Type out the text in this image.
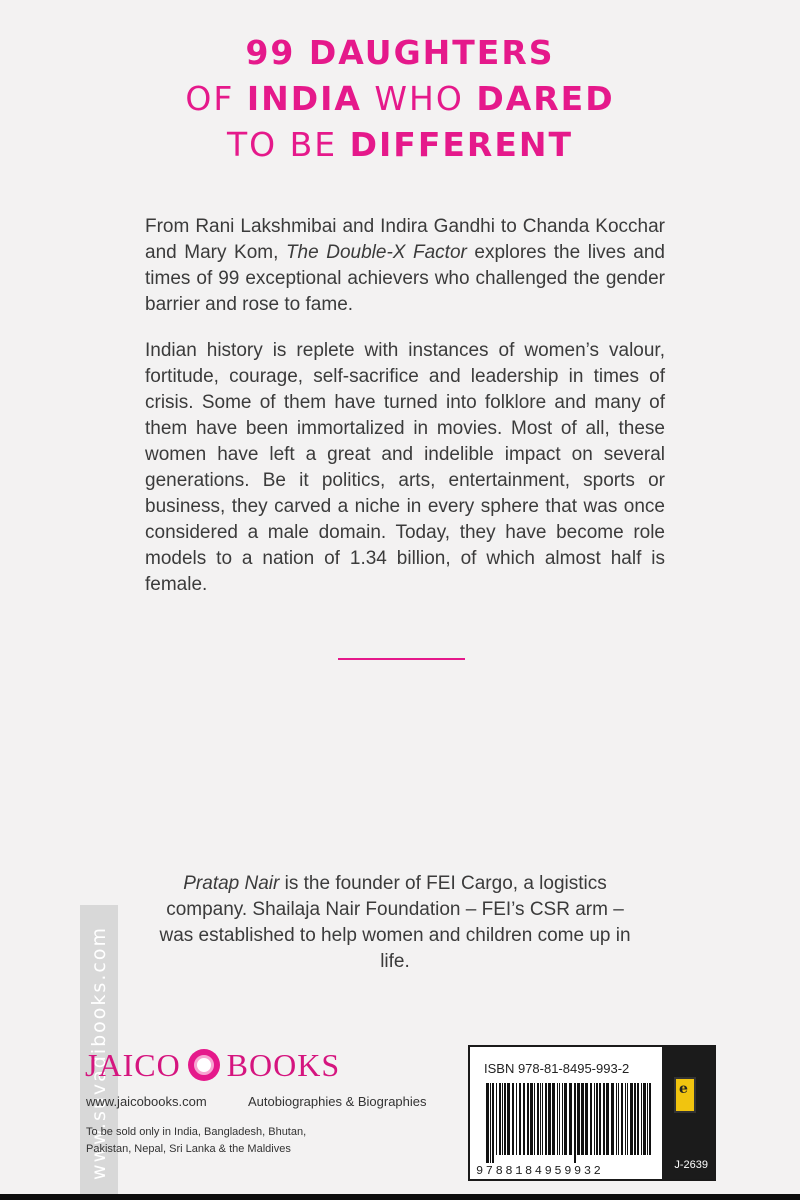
99 DAUGHTERS
OF INDIA WHO DARED
TO BE DIFFERENT

From Rani Lakshmibai and Indira Gandhi to Chanda Kocchar and Mary Kom, The Double-X Factor explores the lives and times of 99 exceptional achievers who challenged the gender barrier and rose to fame.

Indian history is replete with instances of women’s valour, fortitude, courage, self-sacrifice and leadership in times of crisis. Some of them have turned into folklore and many of them have been immortalized in movies. Most of all, these women have left a great and indelible impact on several generations. Be it politics, arts, entertainment, sports or business, they carved a niche in every sphere that was once considered a male domain. Today, they have become role models to a nation of 1.34 billion, of which almost half is female.

Pratap Nair is the founder of FEI Cargo, a logistics company. Shailaja Nair Foundation – FEI’s CSR arm – was established to help women and children come up in life.

www.suvadibooks.com
JAICO BOOKS
www.jaicobooks.com	Autobiographies & Biographies
To be sold only in India, Bangladesh, Bhutan, Pakistan, Nepal, Sri Lanka & the Maldives
ISBN 978-81-8495-993-2
9788184959932
e	J-2639
